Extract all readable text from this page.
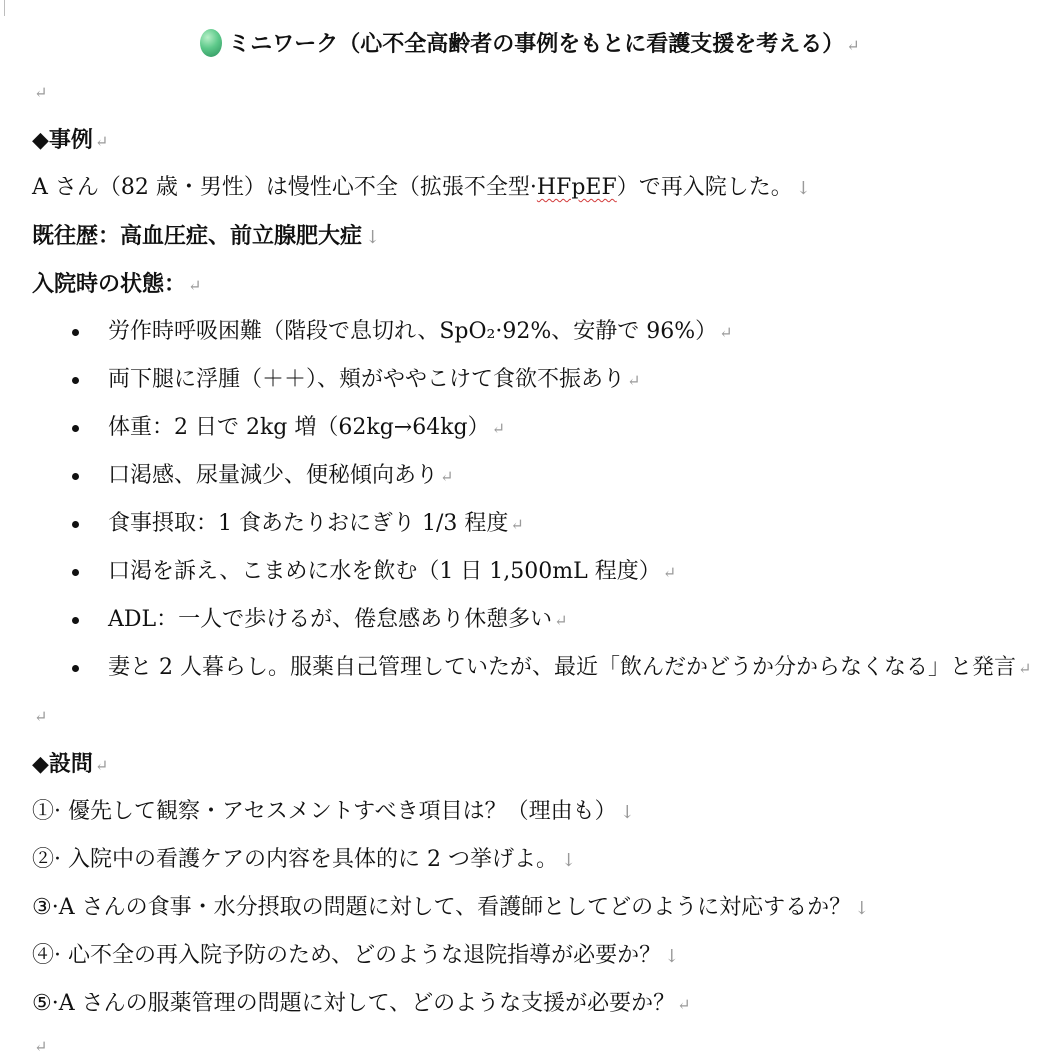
ミニワーク（心不全高齢者の事例をもとに看護支援を考える） ↵
↵
◆事例 ↵
A さん（82 歳・男性）は慢性心不全（拡張不全型·HFpEF）で再入院した。 ↓
既往歴：高血圧症、前立腺肥大症 ↓
入院時の状態： ↵
労作時呼吸困難（階段で息切れ、SpO₂·92%、安静で 96%） ↵
両下腿に浮腫（＋＋）、頬がややこけて食欲不振あり ↵
体重：2 日で 2kg 増（62kg→64kg） ↵
口渇感、尿量減少、便秘傾向あり ↵
食事摂取：1 食あたりおにぎり 1/3 程度 ↵
口渇を訴え、こまめに水を飲む（1 日 1,500mL 程度） ↵
ADL：一人で歩けるが、倦怠感あり休憩多い ↵
妻と 2 人暮らし。服薬自己管理していたが、最近「飲んだかどうか分からなくなる」と発言 ↵
↵
◆設問 ↵
①· 優先して観察・アセスメントすべき項目は？（理由も） ↓
②· 入院中の看護ケアの内容を具体的に 2 つ挙げよ。 ↓
③·A さんの食事・水分摂取の問題に対して、看護師としてどのように対応するか？ ↓
④· 心不全の再入院予防のため、どのような退院指導が必要か？ ↓
⑤·A さんの服薬管理の問題に対して、どのような支援が必要か？ ↵
↵
